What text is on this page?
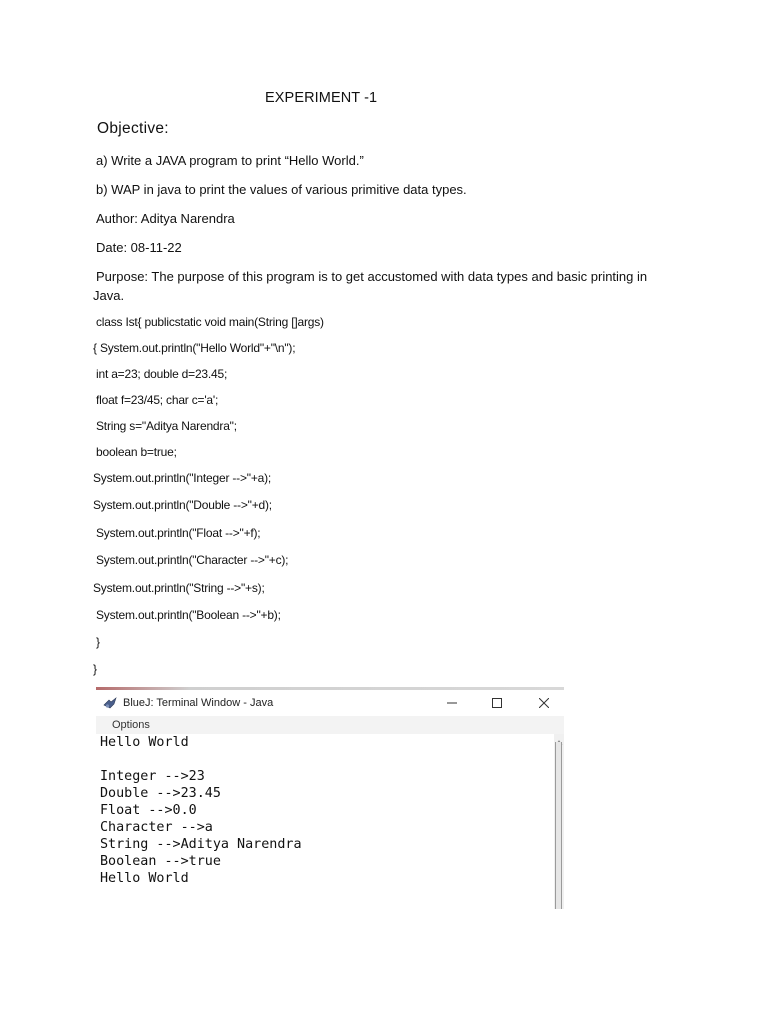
EXPERIMENT -1
Objective:
a) Write a JAVA program to print “Hello World.”
b) WAP in java to print the values of various primitive data types.
Author: Aditya Narendra
Date: 08-11-22
Purpose: The purpose of this program is to get accustomed with data types and basic printing in Java.
class Ist{ publicstatic void main(String []args)
{ System.out.println("Hello World"+"\n");
int a=23; double d=23.45;
float f=23/45; char c='a';
String s="Aditya Narendra";
boolean b=true;
System.out.println("Integer -->"+a);
System.out.println("Double -->"+d);
System.out.println("Float -->"+f);
System.out.println("Character -->"+c);
System.out.println("String -->"+s);
System.out.println("Boolean -->"+b);
}
}
BlueJ: Terminal Window - Java
Options
Hello World
Integer -->23
Double -->23.45
Float -->0.0
Character -->a
String -->Aditya Narendra
Boolean -->true
Hello World
